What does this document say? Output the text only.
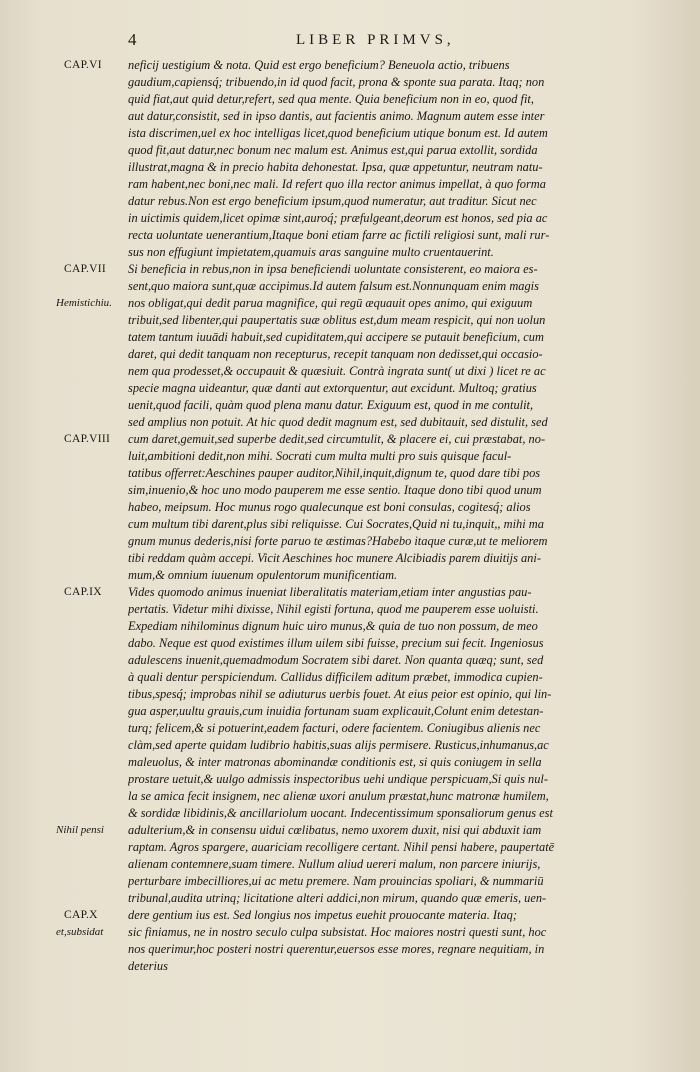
4	LIBER PRIMVS,
CAP.VI
CAP.VII
Hemistichiu.
CAP.VIII
CAP.IX
Nihil pensi
CAP.X
et,subsidat
neficij uestigium & nota. Quid est ergo beneficium? Beneuola actio, tribuens
gaudium,capiensq́; tribuendo,in id quod facit, prona & sponte sua parata. Itaq; non
quid fiat,aut quid detur,refert, sed qua mente. Quia beneficium non in eo, quod fit,
aut datur,consistit, sed in ipso dantis, aut facientis animo. Magnum autem esse inter
ista discrimen,uel ex hoc intelligas licet,quod beneficium utique bonum est. Id autem
quod fit,aut datur,nec bonum nec malum est. Animus est,qui parua extollit, sordida
illustrat,magna & in precio habita dehonestat. Ipsa, quæ appetuntur, neutram natu-
ram habent,nec boni,nec mali. Id refert quo illa rector animus impellat, à quo forma
datur rebus.Non est ergo beneficium ipsum,quod numeratur, aut traditur. Sicut nec
in uictimis quidem,licet opimæ sint,auroq́; præfulgeant,deorum est honos, sed pia ac
recta uoluntate uenerantium,Itaque boni etiam farre ac fictili religiosi sunt, mali rur-
sus non effugiunt impietatem,quamuis aras sanguine multo cruentauerint.
Si beneficia in rebus,non in ipsa beneficiendi uoluntate consisterent, eo maiora es-
sent,quo maiora sunt,quæ accipimus.Id autem falsum est.Nonnunquam enim magis
nos obligat,qui dedit parua magnifice, qui regū æquauit opes animo, qui exiguum
tribuit,sed libenter,qui paupertatis suæ oblitus est,dum meam respicit, qui non uolun
tatem tantum iuuādi habuit,sed cupiditatem,qui accipere se putauit beneficium, cum
daret, qui dedit tanquam non recepturus, recepit tanquam non dedisset,qui occasio-
nem qua prodesset,& occupauit & quæsiuit. Contrà ingrata sunt( ut dixi ) licet re ac
specie magna uideantur, quæ danti aut extorquentur, aut excidunt. Multoq; gratius
uenit,quod facili, quàm quod plena manu datur. Exiguum est, quod in me contulit,
sed amplius non potuit. At hic quod dedit magnum est, sed dubitauit, sed distulit, sed
cum daret,gemuit,sed superbe dedit,sed circumtulit, & placere ei, cui præstabat, no-
luit,ambitioni dedit,non mihi. Socrati cum multa multi pro suis quisque facul-
tatibus offerret:Aeschines pauper auditor,Nihil,inquit,dignum te, quod dare tibi pos
sim,inuenio,& hoc uno modo pauperem me esse sentio. Itaque dono tibi quod unum
habeo, meipsum. Hoc munus rogo qualecunque est boni consulas, cogitesq́; alios
cum multum tibi darent,plus sibi reliquisse. Cui Socrates,Quid ni tu,inquit,, mihi ma
gnum munus dederis,nisi forte paruo te æstimas?Habebo itaque curæ,ut te meliorem
tibi reddam quàm accepi. Vicit Aeschines hoc munere Alcibiadis parem diuitijs ani-
mum,& omnium iuuenum opulentorum munificentiam.
Vides quomodo animus inueniat liberalitatis materiam,etiam inter angustias pau-
pertatis. Videtur mihi dixisse, Nihil egisti fortuna, quod me pauperem esse uoluisti.
Expediam nihilominus dignum huic uiro munus,& quia de tuo non possum, de meo
dabo. Neque est quod existimes illum uilem sibi fuisse, precium sui fecit. Ingeniosus
adulescens inuenit,quemadmodum Socratem sibi daret. Non quanta quæq; sunt, sed
à quali dentur perspiciendum. Callidus difficilem aditum præbet, immodica cupien-
tibus,spesq́; improbas nihil se adiuturus uerbis fouet. At eius peior est opinio, qui lin-
gua asper,uultu grauis,cum inuidia fortunam suam explicauit,Colunt enim detestan-
turq; felicem,& si potuerint,eadem facturi, odere facientem. Coniugibus alienis nec
clàm,sed aperte quidam ludibrio habitis,suas alijs permisere. Rusticus,inhumanus,ac
maleuolus, & inter matronas abominandæ conditionis est, si quis coniugem in sella
prostare uetuit,& uulgo admissis inspectoribus uehi undique perspicuam,Si quis nul-
la se amica fecit insignem, nec alienæ uxori anulum præstat,hunc matronæ humilem,
& sordidæ libidinis,& ancillariolum uocant. Indecentissimum sponsaliorum genus est
adulterium,& in consensu uidui cœlibatus, nemo uxorem duxit, nisi qui abduxit iam
raptam. Agros spargere, auariciam recolligere certant. Nihil pensi habere, paupertatē
alienam contemnere,suam timere. Nullum aliud uereri malum, non parcere iniurijs,
perturbare imbecilliores,ui ac metu premere. Nam prouincias spoliari, & nummariū
tribunal,audita utrinq; licitatione alteri addici,non mirum, quando quæ emeris, uen-
dere gentium ius est. Sed longius nos impetus euehit prouocante materia. Itaq;
sic finiamus, ne in nostro seculo culpa subsistat. Hoc maiores nostri questi sunt, hoc
nos querimur,hoc posteri nostri querentur,euersos esse mores, regnare nequitiam, in
deterius
